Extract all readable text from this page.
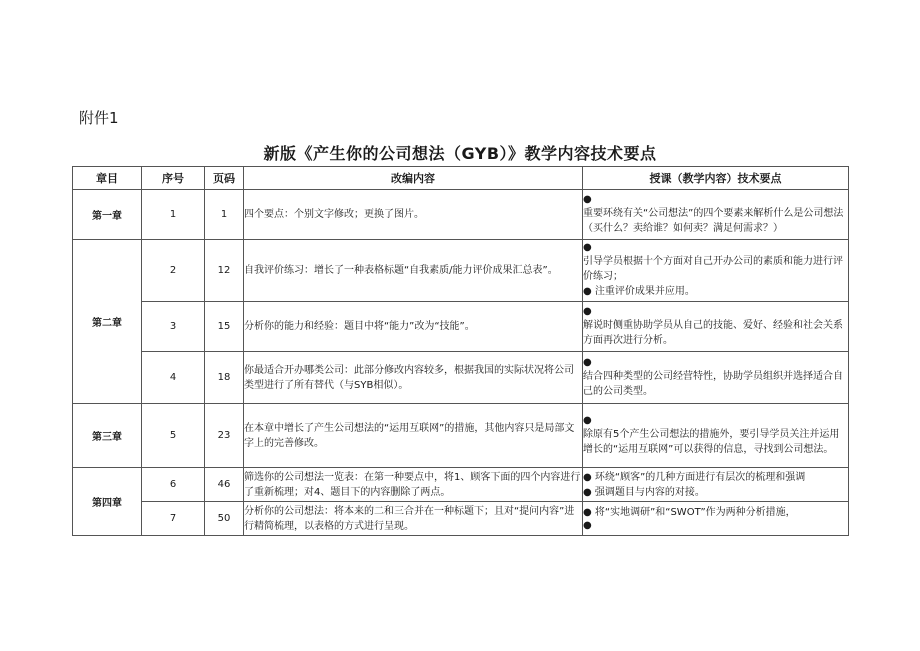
附件1
新版《产生你的公司想法（GYB）》教学内容技术要点
章目	序号	页码	改编内容	授课（教学内容）技术要点
第一章	1	1	四个要点：个别文字修改；更换了图片。	●
重要环绕有关“公司想法”的四个要素来解析什么是公司想法（买什么？卖给谁？如何卖？满足何需求？）

第二章	2	12	自我评价练习：增长了一种表格标题“自我素质/能力评价成果汇总表”。	●
引导学员根据十个方面对自己开办公司的素质和能力进行评价练习；
● 注重评价成果并应用。

	3	15	分析你的能力和经验：题目中将“能力”改为“技能”。	●
解说时侧重协助学员从自己的技能、爱好、经验和社会关系方面再次进行分析。

	4	18	你最适合开办哪类公司：此部分修改内容较多，根据我国的实际状况将公司类型进行了所有替代（与SYB相似）。	●
结合四种类型的公司经营特性，协助学员组织并选择适合自己的公司类型。

第三章	5	23	在本章中增长了产生公司想法的“运用互联网”的措施，其他内容只是局部文字上的完善修改。	●
除原有5个产生公司想法的措施外，要引导学员关注并运用增长的“运用互联网”可以获得的信息，寻找到公司想法。

第四章	6	46	筛选你的公司想法一览表：在第一种要点中，将1、顾客下面的四个内容进行了重新梳理；对4、题目下的内容删除了两点。	● 环绕“顾客”的几种方面进行有层次的梳理和强调
● 强调题目与内容的对接。

	7	50	分析你的公司想法：将本来的二和三合并在一种标题下；且对“提问内容”进行精简梳理，以表格的方式进行呈现。	● 将“实地调研”和“SWOT”作为两种分析措施，
●
